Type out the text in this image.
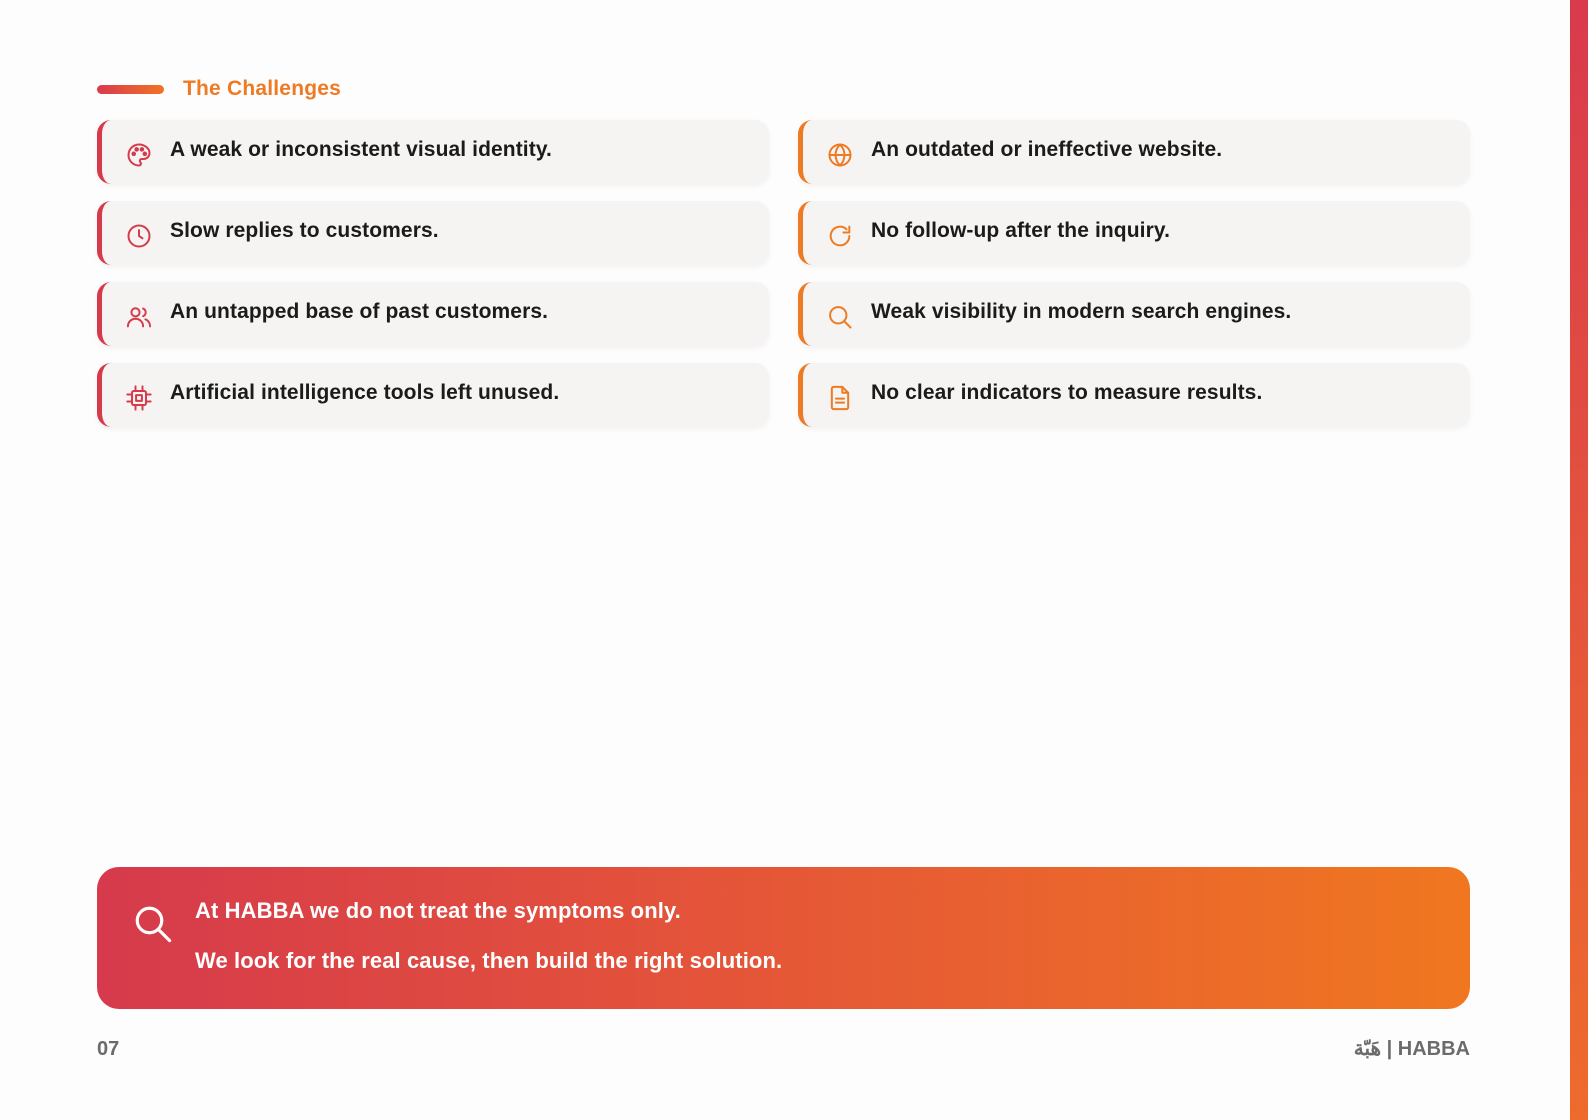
The Challenges
A weak or inconsistent visual identity.	An outdated or ineffective website.
Slow replies to customers.	No follow-up after the inquiry.
An untapped base of past customers.	Weak visibility in modern search engines.
Artificial intelligence tools left unused.	No clear indicators to measure results.
At HABBA we do not treat the symptoms only.
We look for the real cause, then build the right solution.
07	هَبّة | HABBA
